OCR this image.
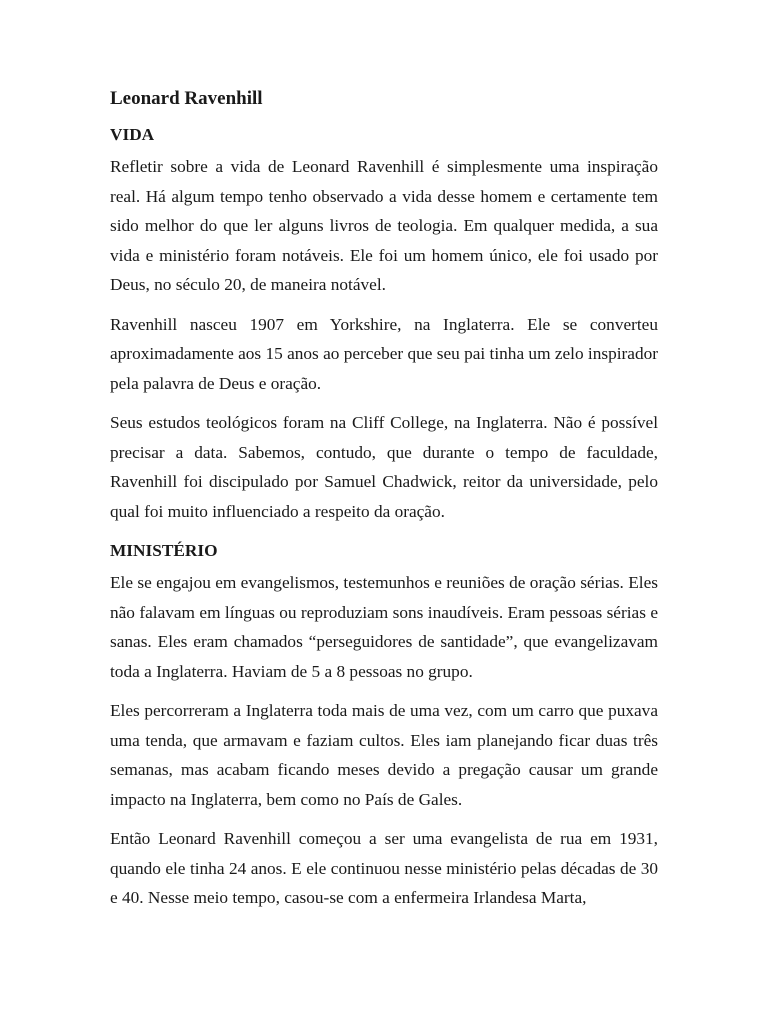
Leonard Ravenhill
VIDA

Refletir sobre a vida de Leonard Ravenhill é simplesmente uma inspiração real. Há algum tempo tenho observado a vida desse homem e certamente tem sido melhor do que ler alguns livros de teologia. Em qualquer medida, a sua vida e ministério foram notáveis. Ele foi um homem único, ele foi usado por Deus, no século 20, de maneira notável.

Ravenhill nasceu 1907 em Yorkshire, na Inglaterra. Ele se converteu aproximadamente aos 15 anos ao perceber que seu pai tinha um zelo inspirador pela palavra de Deus e oração.

Seus estudos teológicos foram na Cliff College, na Inglaterra. Não é possível precisar a data. Sabemos, contudo, que durante o tempo de faculdade, Ravenhill foi discipulado por Samuel Chadwick, reitor da universidade, pelo qual foi muito influenciado a respeito da oração.

MINISTÉRIO

Ele se engajou em evangelismos, testemunhos e reuniões de oração sérias. Eles não falavam em línguas ou reproduziam sons inaudíveis. Eram pessoas sérias e sanas. Eles eram chamados “perseguidores de santidade”, que evangelizavam toda a Inglaterra. Haviam de 5 a 8 pessoas no grupo.

Eles percorreram a Inglaterra toda mais de uma vez, com um carro que puxava uma tenda, que armavam e faziam cultos. Eles iam planejando ficar duas três semanas, mas acabam ficando meses devido a pregação causar um grande impacto na Inglaterra, bem como no País de Gales.

Então Leonard Ravenhill começou a ser uma evangelista de rua em 1931, quando ele tinha 24 anos. E ele continuou nesse ministério pelas décadas de 30 e 40. Nesse meio tempo, casou-se com a enfermeira Irlandesa Marta,
